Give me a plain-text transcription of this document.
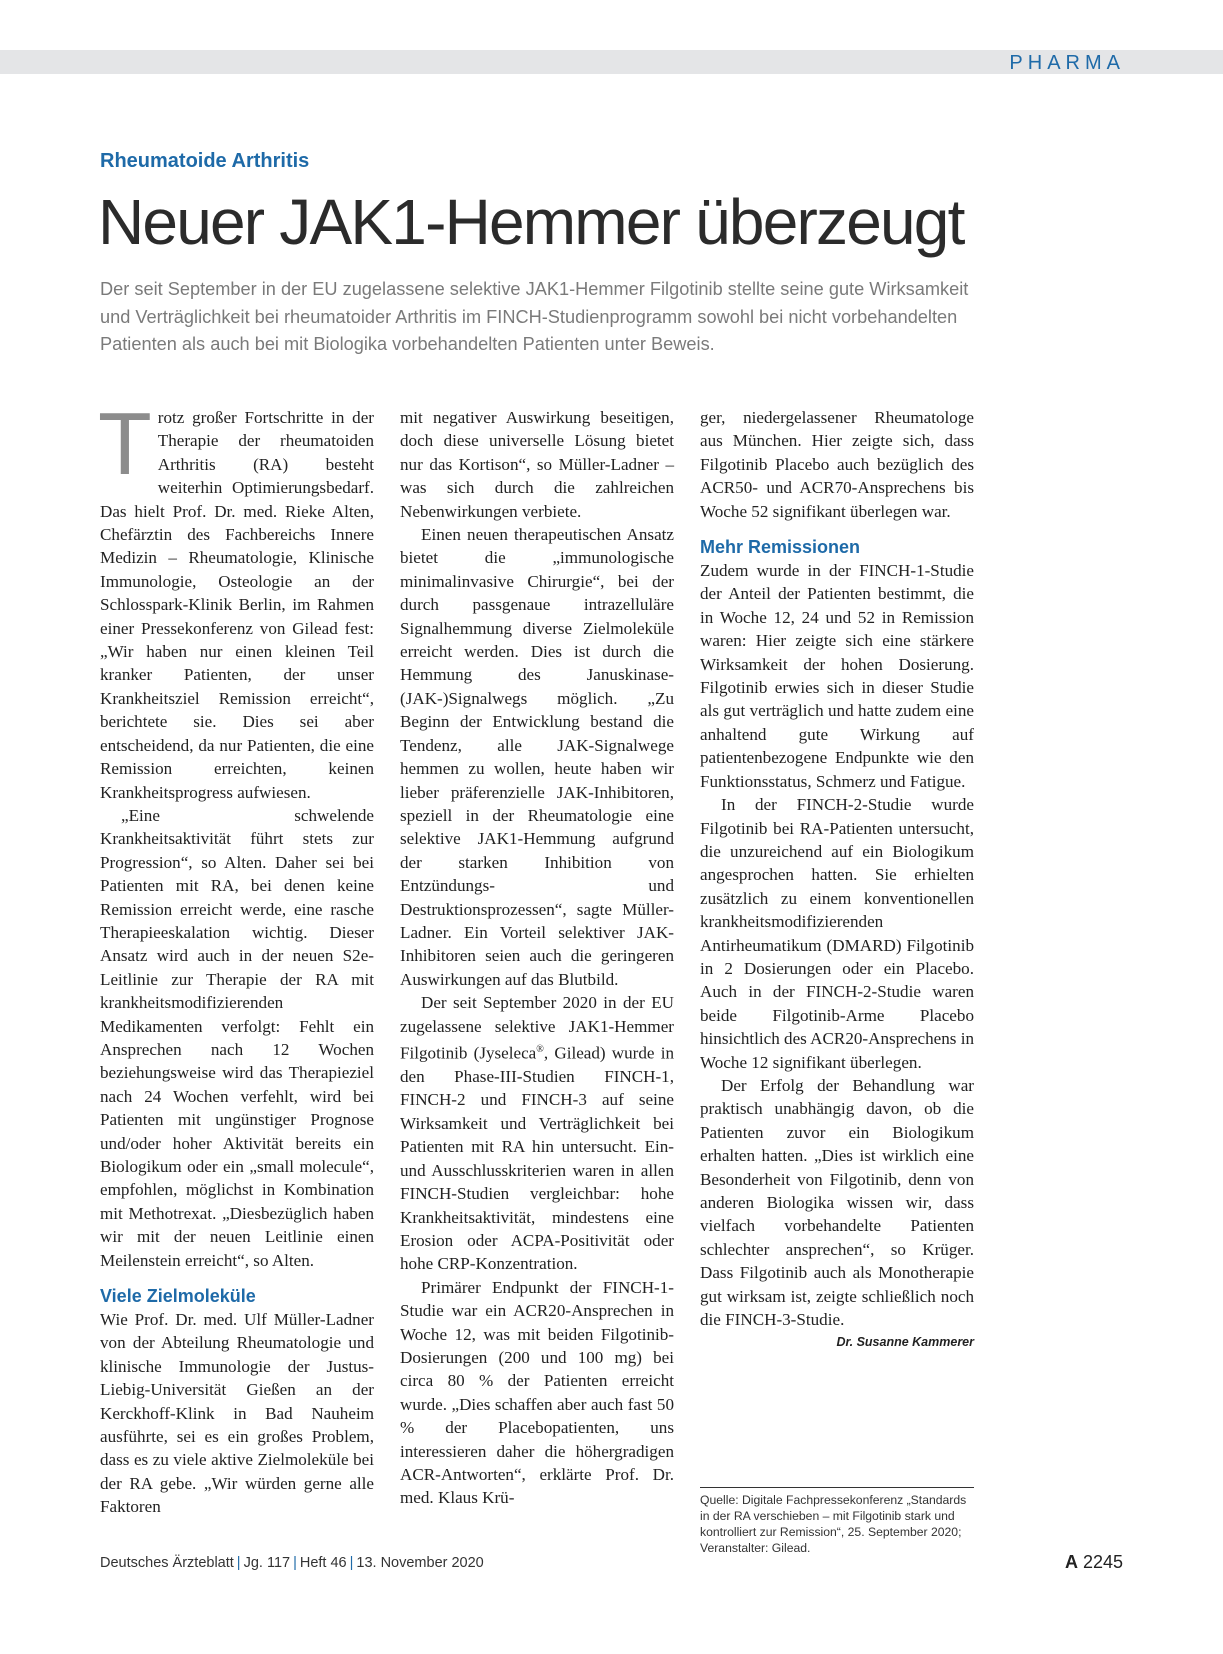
PHARMA
Rheumatoide Arthritis
Neuer JAK1-Hemmer überzeugt

Der seit September in der EU zugelassene selektive JAK1-Hemmer Filgotinib stellte seine gute Wirksamkeit und Verträglichkeit bei rheumatoider Arthritis im FINCH-Studienprogramm sowohl bei nicht vorbehandelten Patienten als auch bei mit Biologika vorbehandelten Patienten unter Beweis.

Trotz großer Fortschritte in der Therapie der rheumatoiden Arthritis (RA) besteht weiterhin Optimierungsbedarf. Das hielt Prof. Dr. med. Rieke Alten, Chefärztin des Fachbereichs Innere Medizin – Rheumatologie, Klinische Immunologie, Osteologie an der Schlosspark-Klinik Berlin, im Rahmen einer Pressekonferenz von Gilead fest: „Wir haben nur einen kleinen Teil kranker Patienten, der unser Krankheitsziel Remission erreicht“, berichtete sie. Dies sei aber entscheidend, da nur Patienten, die eine Remission erreichten, keinen Krankheitsprogress aufwiesen.

„Eine schwelende Krankheitsaktivität führt stets zur Progression“, so Alten. Daher sei bei Patienten mit RA, bei denen keine Remission erreicht werde, eine rasche Therapieeskalation wichtig. Dieser Ansatz wird auch in der neuen S2e-Leitlinie zur Therapie der RA mit krankheitsmodifizierenden Medikamenten verfolgt: Fehlt ein Ansprechen nach 12 Wochen beziehungsweise wird das Therapieziel nach 24 Wochen verfehlt, wird bei Patienten mit ungünstiger Prognose und/oder hoher Aktivität bereits ein Biologikum oder ein „small molecule“, empfohlen, möglichst in Kombination mit Methotrexat. „Diesbezüglich haben wir mit der neuen Leitlinie einen Meilenstein erreicht“, so Alten.

Viele Zielmoleküle

Wie Prof. Dr. med. Ulf Müller-Ladner von der Abteilung Rheumatologie und klinische Immunologie der Justus-Liebig-Universität Gießen an der Kerckhoff-Klink in Bad Nauheim ausführte, sei es ein großes Problem, dass es zu viele aktive Zielmoleküle bei der RA gebe. „Wir würden gerne alle Faktoren

mit negativer Auswirkung beseitigen, doch diese universelle Lösung bietet nur das Kortison“, so Müller-Ladner – was sich durch die zahlreichen Nebenwirkungen verbiete.

Einen neuen therapeutischen Ansatz bietet die „immunologische minimalinvasive Chirurgie“, bei der durch passgenaue intrazelluläre Signalhemmung diverse Zielmoleküle erreicht werden. Dies ist durch die Hemmung des Januskinase-(JAK-)Signalwegs möglich. „Zu Beginn der Entwicklung bestand die Tendenz, alle JAK-Signalwege hemmen zu wollen, heute haben wir lieber präferenzielle JAK-Inhibitoren, speziell in der Rheumatologie eine selektive JAK1-Hemmung aufgrund der starken Inhibition von Entzündungs- und Destruktionsprozessen“, sagte Müller-Ladner. Ein Vorteil selektiver JAK-Inhibitoren seien auch die geringeren Auswirkungen auf das Blutbild.

Der seit September 2020 in der EU zugelassene selektive JAK1-Hemmer Filgotinib (Jyseleca®, Gilead) wurde in den Phase-III-Studien FINCH-1, FINCH-2 und FINCH-3 auf seine Wirksamkeit und Verträglichkeit bei Patienten mit RA hin untersucht. Ein- und Ausschlusskriterien waren in allen FINCH-Studien vergleichbar: hohe Krankheitsaktivität, mindestens eine Erosion oder ACPA-Positivität oder hohe CRP-Konzentration.

Primärer Endpunkt der FINCH-1-Studie war ein ACR20-Ansprechen in Woche 12, was mit beiden Filgotinib-Dosierungen (200 und 100 mg) bei circa 80 % der Patienten erreicht wurde. „Dies schaffen aber auch fast 50 % der Placebopatienten, uns interessieren daher die höhergradigen ACR-Antworten“, erklärte Prof. Dr. med. Klaus Krü-

ger, niedergelassener Rheumatologe aus München. Hier zeigte sich, dass Filgotinib Placebo auch bezüglich des ACR50- und ACR70-Ansprechens bis Woche 52 signifikant überlegen war.

Mehr Remissionen

Zudem wurde in der FINCH-1-Studie der Anteil der Patienten bestimmt, die in Woche 12, 24 und 52 in Remission waren: Hier zeigte sich eine stärkere Wirksamkeit der hohen Dosierung. Filgotinib erwies sich in dieser Studie als gut verträglich und hatte zudem eine anhaltend gute Wirkung auf patientenbezogene Endpunkte wie den Funktionsstatus, Schmerz und Fatigue.

In der FINCH-2-Studie wurde Filgotinib bei RA-Patienten untersucht, die unzureichend auf ein Biologikum angesprochen hatten. Sie erhielten zusätzlich zu einem konventionellen krankheitsmodifizierenden Antirheumatikum (DMARD) Filgotinib in 2 Dosierungen oder ein Placebo. Auch in der FINCH-2-Studie waren beide Filgotinib-Arme Placebo hinsichtlich des ACR20-Ansprechens in Woche 12 signifikant überlegen.

Der Erfolg der Behandlung war praktisch unabhängig davon, ob die Patienten zuvor ein Biologikum erhalten hatten. „Dies ist wirklich eine Besonderheit von Filgotinib, denn von anderen Biologika wissen wir, dass vielfach vorbehandelte Patienten schlechter ansprechen“, so Krüger. Dass Filgotinib auch als Monotherapie gut wirksam ist, zeigte schließlich noch die FINCH-3-Studie.
Dr. Susanne Kammerer

Quelle: Digitale Fachpressekonferenz „Standards in der RA verschieben – mit Filgotinib stark und kontrolliert zur Remission“, 25. September 2020; Veranstalter: Gilead.
Deutsches Ärzteblatt | Jg. 117 | Heft 46 | 13. November 2020	A 2245
